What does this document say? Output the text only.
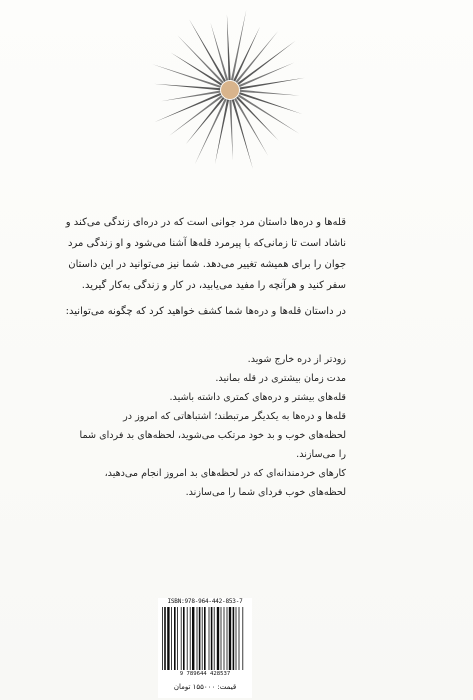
قله‌ها و دره‌ها داستان مرد جوانی است که در دره‌ای زندگی می‌کند و
ناشاد است تا زمانی‌که با پیرمرد قله‌ها آشنا می‌شود و او زندگی مرد
جوان را برای همیشه تغییر می‌دهد. شما نیز می‌توانید در این داستان
سفر کنید و هرآنچه را مفید می‌یابید، در کار و زندگی به‌کار گیرید.
در داستان قله‌ها و دره‌ها شما کشف خواهید کرد که چگونه می‌توانید:
زودتر از دره خارج شوید.
مدت زمان بیشتری در قله بمانید.
قله‌های بیشتر و دره‌های کمتری داشته باشید.
قله‌ها و دره‌ها به یکدیگر مرتبطند؛ اشتباهاتی که امروز در
لحظه‌های خوب و بد خود مرتکب می‌شوید، لحظه‌های بد فردای شما
را می‌سازند.
کارهای خردمندانه‌ای که در لحظه‌های بد امروز انجام می‌دهید،
لحظه‌های خوب فردای شما را می‌سازند.
ISBN:978-964-442-853-7
9 789644 428537
قیمت: ۱۵۵۰۰۰ تومان
